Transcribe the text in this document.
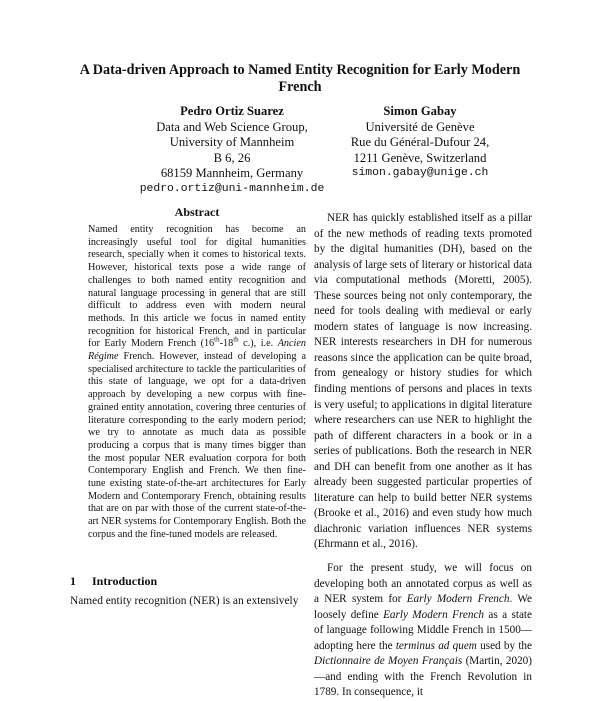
A Data-driven Approach to Named Entity Recognition for Early Modern
French
Pedro Ortiz Suarez
Data and Web Science Group,
University of Mannheim
B 6, 26
68159 Mannheim, Germany
pedro.ortiz@uni-mannheim.de
Simon Gabay
Université de Genève
Rue du Général-Dufour 24,
1211 Genève, Switzerland
simon.gabay@unige.ch
Abstract

Named entity recognition has become an increasingly useful tool for digital humanities research, specially when it comes to historical texts. However, historical texts pose a wide range of challenges to both named entity recognition and natural language processing in general that are still difficult to address even with modern neural methods. In this article we focus in named entity recognition for historical French, and in particular for Early Modern French (16th-18th c.), i.e. Ancien Régime French. However, instead of developing a specialised architecture to tackle the particularities of this state of language, we opt for a data-driven approach by developing a new corpus with fine-grained entity annotation, covering three centuries of literature corresponding to the early modern period; we try to annotate as much data as possible producing a corpus that is many times bigger than the most popular NER evaluation corpora for both Contemporary English and French. We then fine-tune existing state-of-the-art architectures for Early Modern and Contemporary French, obtaining results that are on par with those of the current state-of-the-art NER systems for Contemporary English. Both the corpus and the fine-tuned models are released.

1 Introduction

Named entity recognition (NER) is an extensively

NER has quickly established itself as a pillar of the new methods of reading texts promoted by the digital humanities (DH), based on the analysis of large sets of literary or historical data via computational methods (Moretti, 2005). These sources being not only contemporary, the need for tools dealing with medieval or early modern states of language is now increasing. NER interests researchers in DH for numerous reasons since the application can be quite broad, from genealogy or history studies for which finding mentions of persons and places in texts is very useful; to applications in digital literature where researchers can use NER to highlight the path of different characters in a book or in a series of publications. Both the research in NER and DH can benefit from one another as it has already been suggested particular properties of literature can help to build better NER systems (Brooke et al., 2016) and even study how much diachronic variation influences NER systems (Ehrmann et al., 2016).

For the present study, we will focus on developing both an annotated corpus as well as a NER system for Early Modern French. We loosely define Early Modern French as a state of language following Middle French in 1500—adopting here the terminus ad quem used by the Dictionnaire de Moyen Français (Martin, 2020)—and ending with the French Revolution in 1789. In consequence, it
